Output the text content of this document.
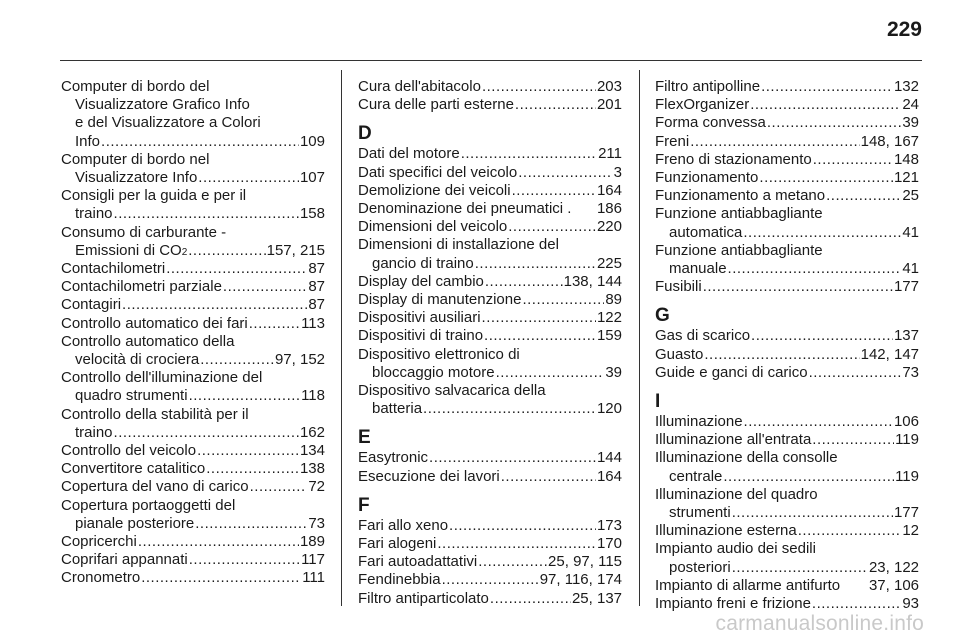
229
Computer di bordo del
Visualizzatore Grafico Info
e del Visualizzatore a Colori
Info .....	109
Computer di bordo nel
Visualizzatore Info .....	107
Consigli per la guida e per il
traino .....	158
Consumo di carburante -
Emissioni di CO 2 .....	157, 215
Contachilometri .....	87
Contachilometri parziale .....	87
Contagiri .....	87
Controllo automatico dei fari .....	113
Controllo automatico della
velocità di crociera .....	97, 152
Controllo dell'illuminazione del
quadro strumenti .....	118
Controllo della stabilità per il
traino .....	162
Controllo del veicolo .....	134
Convertitore catalitico .....	138
Copertura del vano di carico .....	72
Copertura portaoggetti del
pianale posteriore .....	73
Copricerchi .....	189
Coprifari appannati .....	117
Cronometro .....	111
Cura dell'abitacolo .....	203
Cura delle parti esterne .....	201
D
Dati del motore .....	211
Dati specifici del veicolo .....	3
Demolizione dei veicoli .....	164
Denominazione dei pneumatici . 186
Dimensioni del veicolo .....	220
Dimensioni di installazione del
gancio di traino .....	225
Display del cambio .....	138, 144
Display di manutenzione .....	89
Dispositivi ausiliari .....	122
Dispositivi di traino .....	159
Dispositivo elettronico di
bloccaggio motore .....	39
Dispositivo salvacarica della
batteria .....	120
E
Easytronic .....	144
Esecuzione dei lavori .....	164
F
Fari allo xeno .....	173
Fari alogeni .....	170
Fari autoadattativi .....	25, 97, 115
Fendinebbia .....	97, 116, 174
Filtro antiparticolato .....	25, 137
Filtro antipolline .....	132
FlexOrganizer .....	24
Forma convessa .....	39
Freni .....	148, 167
Freno di stazionamento .....	148
Funzionamento .....	121
Funzionamento a metano .....	25
Funzione antiabbagliante
automatica .....	41
Funzione antiabbagliante
manuale .....	41
Fusibili .....	177
G
Gas di scarico .....	137
Guasto .....	142, 147
Guide e ganci di carico .....	73
I
Illuminazione .....	106
Illuminazione all'entrata .....	119
Illuminazione della consolle
centrale .....	119
Illuminazione del quadro
strumenti .....	177
Illuminazione esterna .....	12
Impianto audio dei sedili
posteriori .....	23, 122
Impianto di allarme antifurto 37, 106
Impianto freni e frizione .....	93
carmanualsonline.info
